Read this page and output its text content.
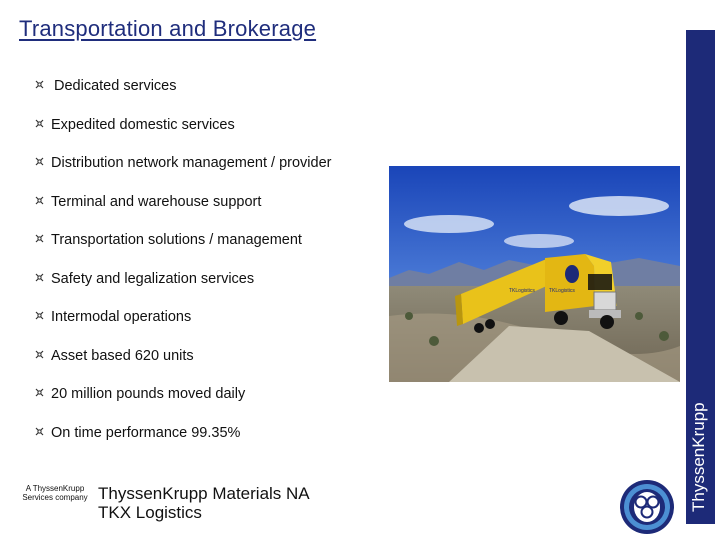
Transportation and Brokerage
Dedicated services
Expedited domestic services
Distribution network management / provider
Terminal and warehouse support
Transportation solutions / management
Safety and legalization services
Intermodal operations
Asset based 620 units
20 million pounds moved daily
On time performance 99.35%
TKLogistics	TKLogistics
ThyssenKrupp
A ThyssenKrupp
Services company ThyssenKrupp Materials NA
TKX Logistics
